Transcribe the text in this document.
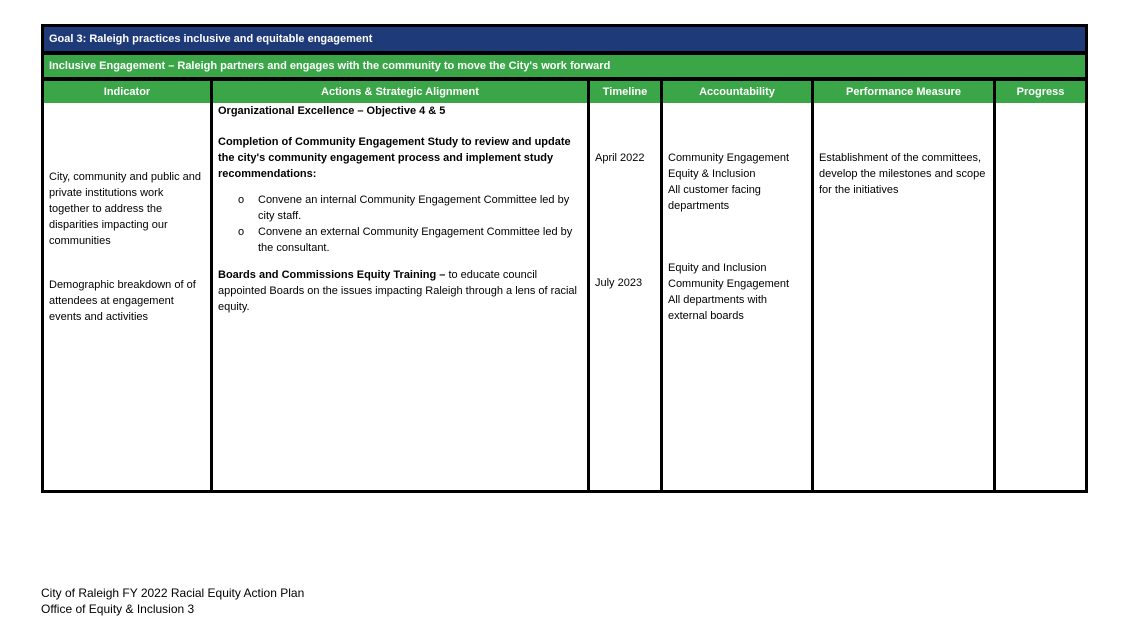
Goal 3: Raleigh practices inclusive and equitable engagement
Inclusive Engagement – Raleigh partners and engages with the community to move the City's work forward
Indicator

City, community and public and private institutions work together to address the disparities impacting our communities

Demographic breakdown of of attendees at engagement events and activities

Actions & Strategic Alignment

Organizational Excellence – Objective 4 & 5

Completion of Community Engagement Study to review and update the city's community engagement process and implement study recommendations:

o Convene an internal Community Engagement Committee led by city staff.
o Convene an external Community Engagement Committee led by the consultant.

Boards and Commissions Equity Training – to educate council appointed Boards on the issues impacting Raleigh through a lens of racial equity.

Timeline

April 2022

July 2023

Accountability
Community Engagement
Equity & Inclusion
All customer facing departments
Equity and Inclusion
Community Engagement
All departments with external boards
Performance Measure

Establishment of the committees, develop the milestones and scope for the initiatives

Progress

City of Raleigh FY 2022 Racial Equity Action Plan
Office of Equity & Inclusion 3
